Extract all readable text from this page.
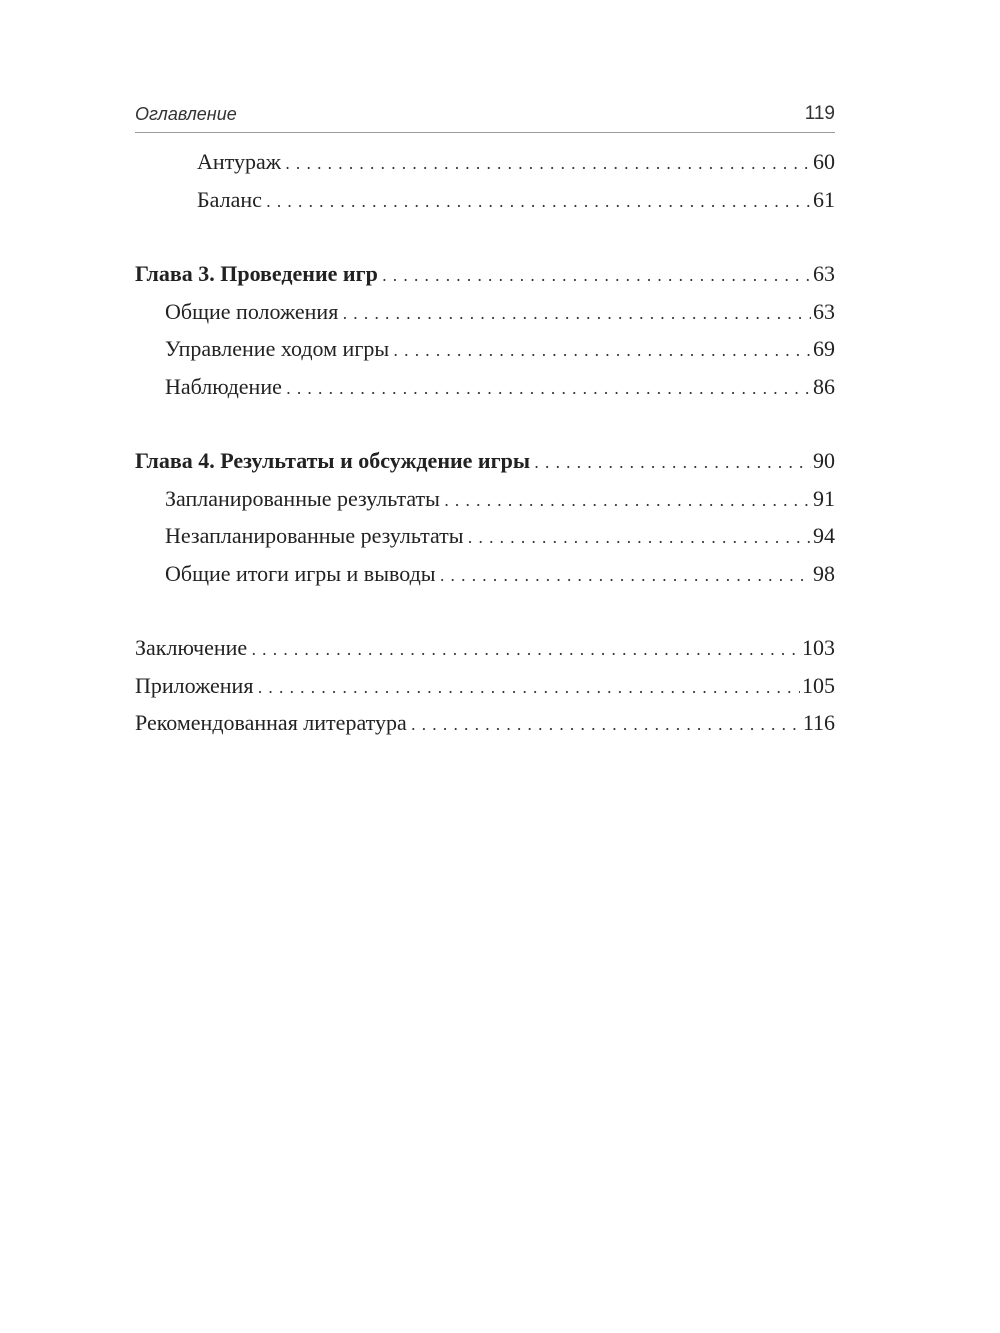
Оглавление	119
Антураж .....	60
Баланс .....	61
Глава 3. Проведение игр .....	63
Общие положения .....	63
Управление ходом игры .....	69
Наблюдение .....	86
Глава 4. Результаты и обсуждение игры .....	90
Запланированные результаты .....	91
Незапланированные результаты .....	94
Общие итоги игры и выводы .....	98
Заключение .....	103
Приложения .....	105
Рекомендованная литература .....	116
